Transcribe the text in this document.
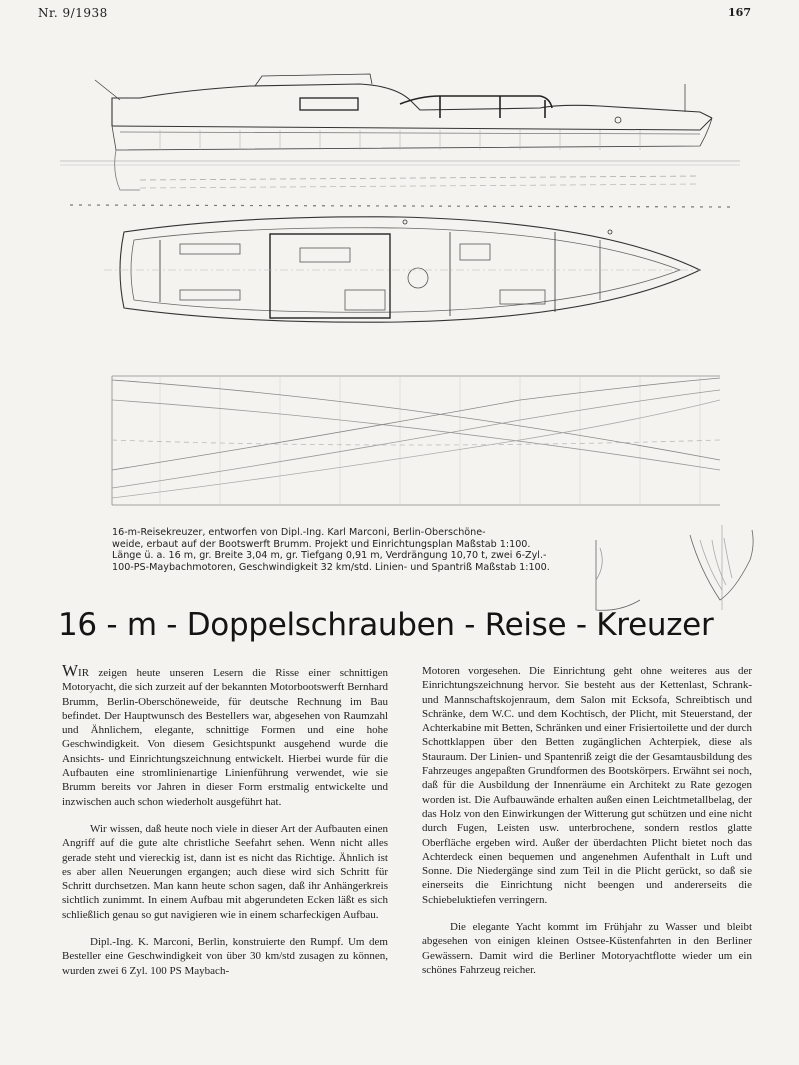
Nr. 9/1938	167
16-m-Reisekreuzer, entworfen von Dipl.-Ing. Karl Marconi, Berlin-Oberschöne-
weide, erbaut auf der Bootswerft Brumm. Projekt und Einrichtungsplan Maßstab 1:100.
Länge ü. a. 16 m, gr. Breite 3,04 m, gr. Tiefgang 0,91 m, Verdrängung 10,70 t, zwei 6-Zyl.-
100-PS-Maybachmotoren, Geschwindigkeit 32 km/std. Linien- und Spantriß Maßstab 1:100.
16 - m - Doppelschrauben - Reise - Kreuzer

WIR zeigen heute unseren Lesern die Risse einer schnittigen Motoryacht, die sich zurzeit auf der bekannten Motorbootswerft Bernhard Brumm, Berlin-Oberschöneweide, für deutsche Rechnung im Bau befindet. Der Hauptwunsch des Bestellers war, abgesehen von Raumzahl und Ähnlichem, elegante, schnittige Formen und eine hohe Geschwindigkeit. Von diesem Gesichtspunkt ausgehend wurde die Ansichts- und Einrichtungszeichnung entwickelt. Hierbei wurde für die Aufbauten eine stromlinienartige Linienführung verwendet, wie sie Brumm bereits vor Jahren in dieser Form erstmalig entwickelte und inzwischen auch schon wiederholt ausgeführt hat.

Wir wissen, daß heute noch viele in dieser Art der Aufbauten einen Angriff auf die gute alte christliche Seefahrt sehen. Wenn nicht alles gerade steht und viereckig ist, dann ist es nicht das Richtige. Ähnlich ist es aber allen Neuerungen ergangen; auch diese wird sich Schritt für Schritt durchsetzen. Man kann heute schon sagen, daß ihr Anhängerkreis sichtlich zunimmt. In einem Aufbau mit abgerundeten Ecken läßt es sich schließlich genau so gut navigieren wie in einem scharfeckigen Aufbau.

Dipl.-Ing. K. Marconi, Berlin, konstruierte den Rumpf. Um dem Besteller eine Geschwindigkeit von über 30 km/std zusagen zu können, wurden zwei 6 Zyl. 100 PS Maybach-

Motoren vorgesehen. Die Einrichtung geht ohne weiteres aus der Einrichtungszeichnung hervor. Sie besteht aus der Kettenlast, Schrank- und Mannschaftskojenraum, dem Salon mit Ecksofa, Schreibtisch und Schränke, dem W.C. und dem Kochtisch, der Plicht, mit Steuerstand, der Achterkabine mit Betten, Schränken und einer Frisiertoilette und der durch Schottklappen über den Betten zugänglichen Achterpiek, diese als Stauraum. Der Linien- und Spantenriß zeigt die der Gesamtausbildung des Fahrzeuges angepaßten Grundformen des Bootskörpers. Erwähnt sei noch, daß für die Ausbildung der Innenräume ein Architekt zu Rate gezogen worden ist. Die Aufbauwände erhalten außen einen Leichtmetallbelag, der das Holz von den Einwirkungen der Witterung gut schützen und eine nicht durch Fugen, Leisten usw. unterbrochene, sondern restlos glatte Oberfläche ergeben wird. Außer der überdachten Plicht bietet noch das Achterdeck einen bequemen und angenehmen Aufenthalt in Luft und Sonne. Die Niedergänge sind zum Teil in die Plicht gerückt, so daß sie einerseits die Einrichtung nicht beengen und andererseits die Schiebeluktiefen verringern.

Die elegante Yacht kommt im Frühjahr zu Wasser und bleibt abgesehen von einigen kleinen Ostsee-Küstenfahrten in den Berliner Gewässern. Damit wird die Berliner Motoryachtflotte wieder um ein schönes Fahrzeug reicher.
